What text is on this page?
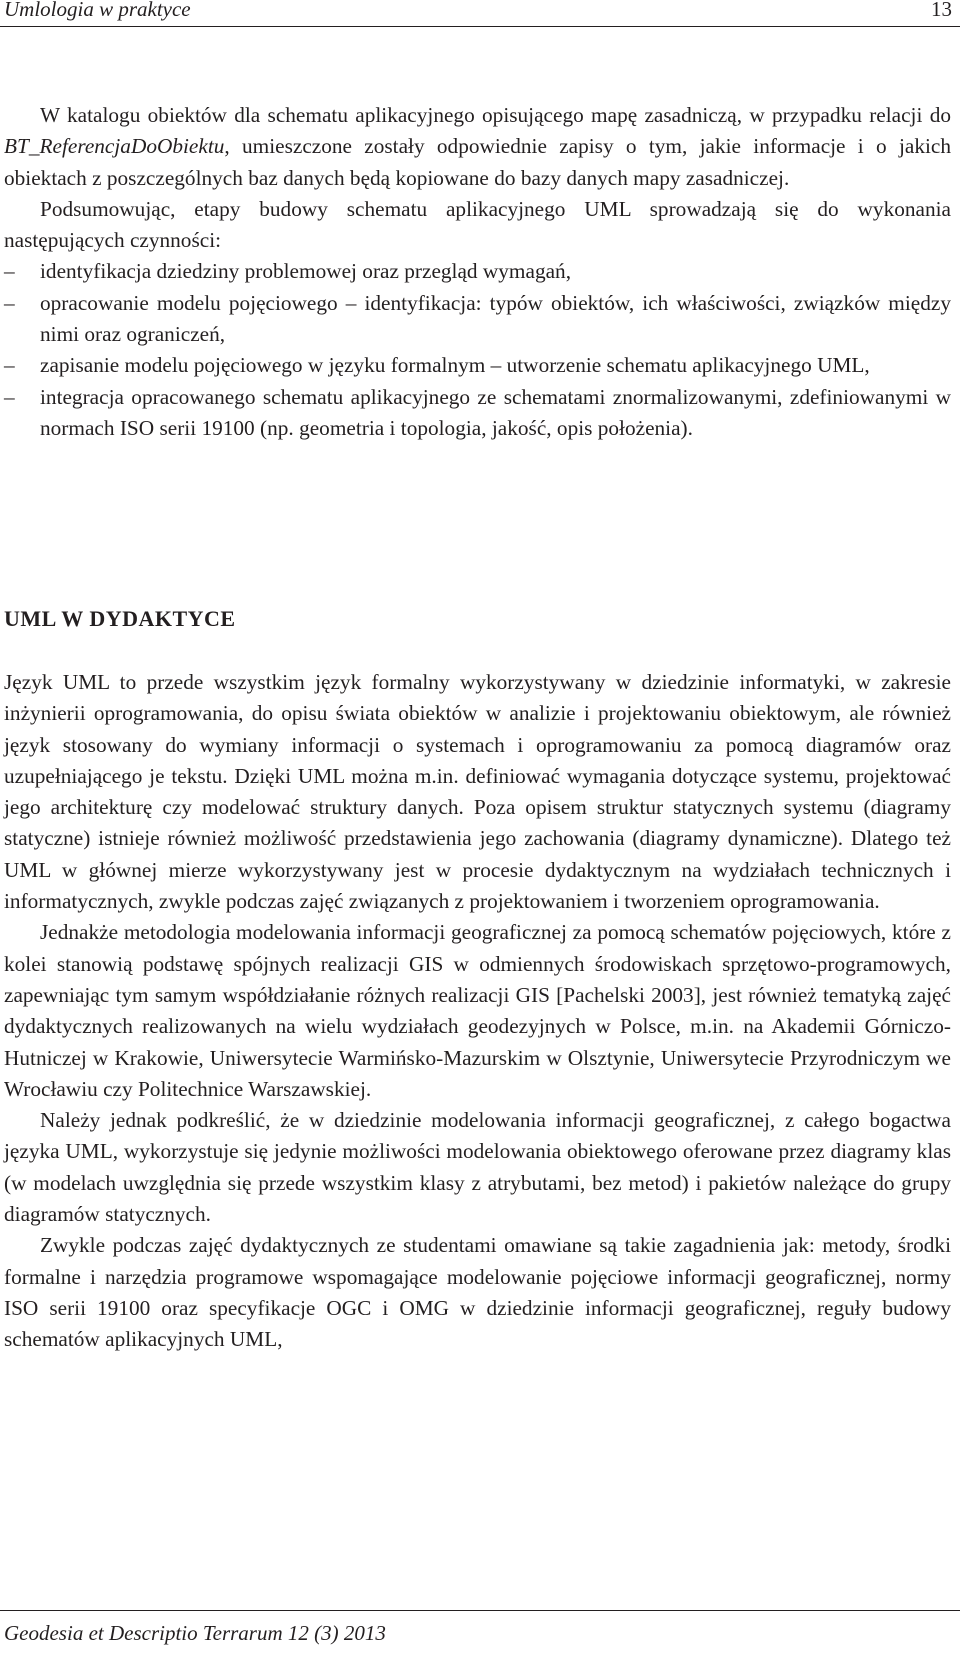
Umlologia w praktyce	13

W katalogu obiektów dla schematu aplikacyjnego opisującego mapę zasadniczą, w przypadku relacji do BT_ReferencjaDoObiektu, umieszczone zostały odpowiednie zapisy o tym, jakie informacje i o jakich obiektach z poszczególnych baz danych będą kopiowane do bazy danych mapy zasadniczej.

Podsumowując, etapy budowy schematu aplikacyjnego UML sprowadzają się do wykonania następujących czynności:

– identyfikacja dziedziny problemowej oraz przegląd wymagań,
– opracowanie modelu pojęciowego – identyfikacja: typów obiektów, ich właściwości, związków między nimi oraz ograniczeń,
– zapisanie modelu pojęciowego w języku formalnym – utworzenie schematu aplikacyjnego UML,
– integracja opracowanego schematu aplikacyjnego ze schematami znormalizowanymi, zdefiniowanymi w normach ISO serii 19100 (np. geometria i topologia, jakość, opis położenia).
UML W DYDAKTYCE

Język UML to przede wszystkim język formalny wykorzystywany w dziedzinie informatyki, w zakresie inżynierii oprogramowania, do opisu świata obiektów w analizie i projektowaniu obiektowym, ale również język stosowany do wymiany informacji o systemach i oprogramowaniu za pomocą diagramów oraz uzupełniającego je tekstu. Dzięki UML można m.in. definiować wymagania dotyczące systemu, projektować jego architekturę czy modelować struktury danych. Poza opisem struktur statycznych systemu (diagramy statyczne) istnieje również możliwość przedstawienia jego zachowania (diagramy dynamiczne). Dlatego też UML w głównej mierze wykorzystywany jest w procesie dydaktycznym na wydziałach technicznych i informatycznych, zwykle podczas zajęć związanych z projektowaniem i tworzeniem oprogramowania.

Jednakże metodologia modelowania informacji geograficznej za pomocą schematów pojęciowych, które z kolei stanowią podstawę spójnych realizacji GIS w odmiennych środowiskach sprzętowo-programowych, zapewniając tym samym współdziałanie różnych realizacji GIS [Pachelski 2003], jest również tematyką zajęć dydaktycznych realizowanych na wielu wydziałach geodezyjnych w Polsce, m.in. na Akademii Górniczo-Hutniczej w Krakowie, Uniwersytecie Warmińsko-Mazurskim w Olsztynie, Uniwersytecie Przyrodniczym we Wrocławiu czy Politechnice Warszawskiej.

Należy jednak podkreślić, że w dziedzinie modelowania informacji geograficznej, z całego bogactwa języka UML, wykorzystuje się jedynie możliwości modelowania obiektowego oferowane przez diagramy klas (w modelach uwzględnia się przede wszystkim klasy z atrybutami, bez metod) i pakietów należące do grupy diagramów statycznych.

Zwykle podczas zajęć dydaktycznych ze studentami omawiane są takie zagadnienia jak: metody, środki formalne i narzędzia programowe wspomagające modelowanie pojęciowe informacji geograficznej, normy ISO serii 19100 oraz specyfikacje OGC i OMG w dziedzinie informacji geograficznej, reguły budowy schematów aplikacyjnych UML,

Geodesia et Descriptio Terrarum 12 (3) 2013
